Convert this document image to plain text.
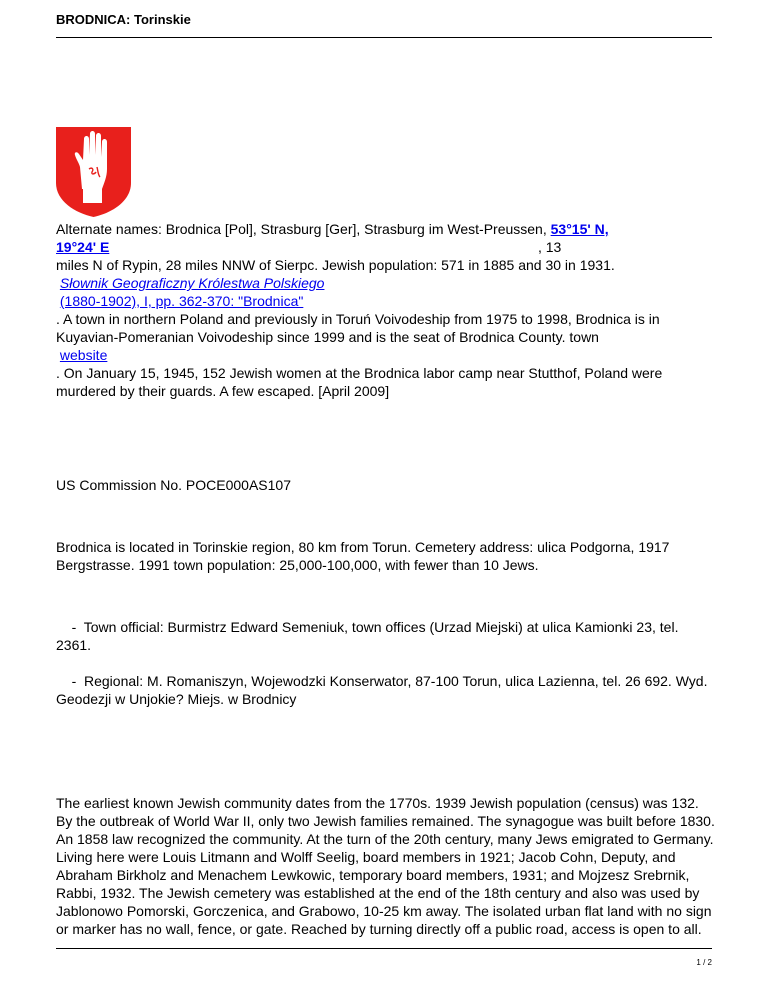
BRODNICA: Torinskie

Alternate names: Brodnica [Pol], Strasburg [Ger], Strasburg im West-Preussen, 53°15' N,
19°24' E	, 13
miles N of Rypin, 28 miles NNW of Sierpc. Jewish population: 571 in 1885 and 30 in 1931.
Słownik Geograficzny Królestwa Polskiego
(1880-1902), I, pp. 362-370: "Brodnica"
. A town in northern Poland and previously in Toruń Voivodeship from 1975 to 1998, Brodnica is in Kuyavian-Pomeranian Voivodeship since 1999 and is the seat of Brodnica County. town
website
. On January 15, 1945, 152 Jewish women at the Brodnica labor camp near Stutthof, Poland were murdered by their guards. A few escaped. [April 2009]

US Commission No. POCE000AS107

Brodnica is located in Torinskie region, 80 km from Torun. Cemetery address: ulica Podgorna, 1917 Bergstrasse. 1991 town population: 25,000-100,000, with fewer than 10 Jews.

-  Town official: Burmistrz Edward Semeniuk, town offices (Urzad Miejski) at ulica Kamionki 23, tel. 2361.

-  Regional: M. Romaniszyn, Wojewodzki Konserwator, 87-100 Torun, ulica Lazienna, tel. 26 692. Wyd. Geodezji w Unjokie? Miejs. w Brodnicy

The earliest known Jewish community dates from the 1770s. 1939 Jewish population (census) was 132. By the outbreak of World War II, only two Jewish families remained. The synagogue was built before 1830. An 1858 law recognized the community. At the turn of the 20th century, many Jews emigrated to Germany. Living here were Louis Litmann and Wolff Seelig, board members in 1921; Jacob Cohn, Deputy, and Abraham Birkholz and Menachem Lewkowic, temporary board members, 1931; and Mojzesz Srebrnik, Rabbi, 1932. The Jewish cemetery was established at the end of the 18th century and also was used by Jablonowo Pomorski, Gorczenica, and Grabowo, 10-25 km away. The isolated urban flat land with no sign or marker has no wall, fence, or gate. Reached by turning directly off a public road, access is open to all.

1 / 2
